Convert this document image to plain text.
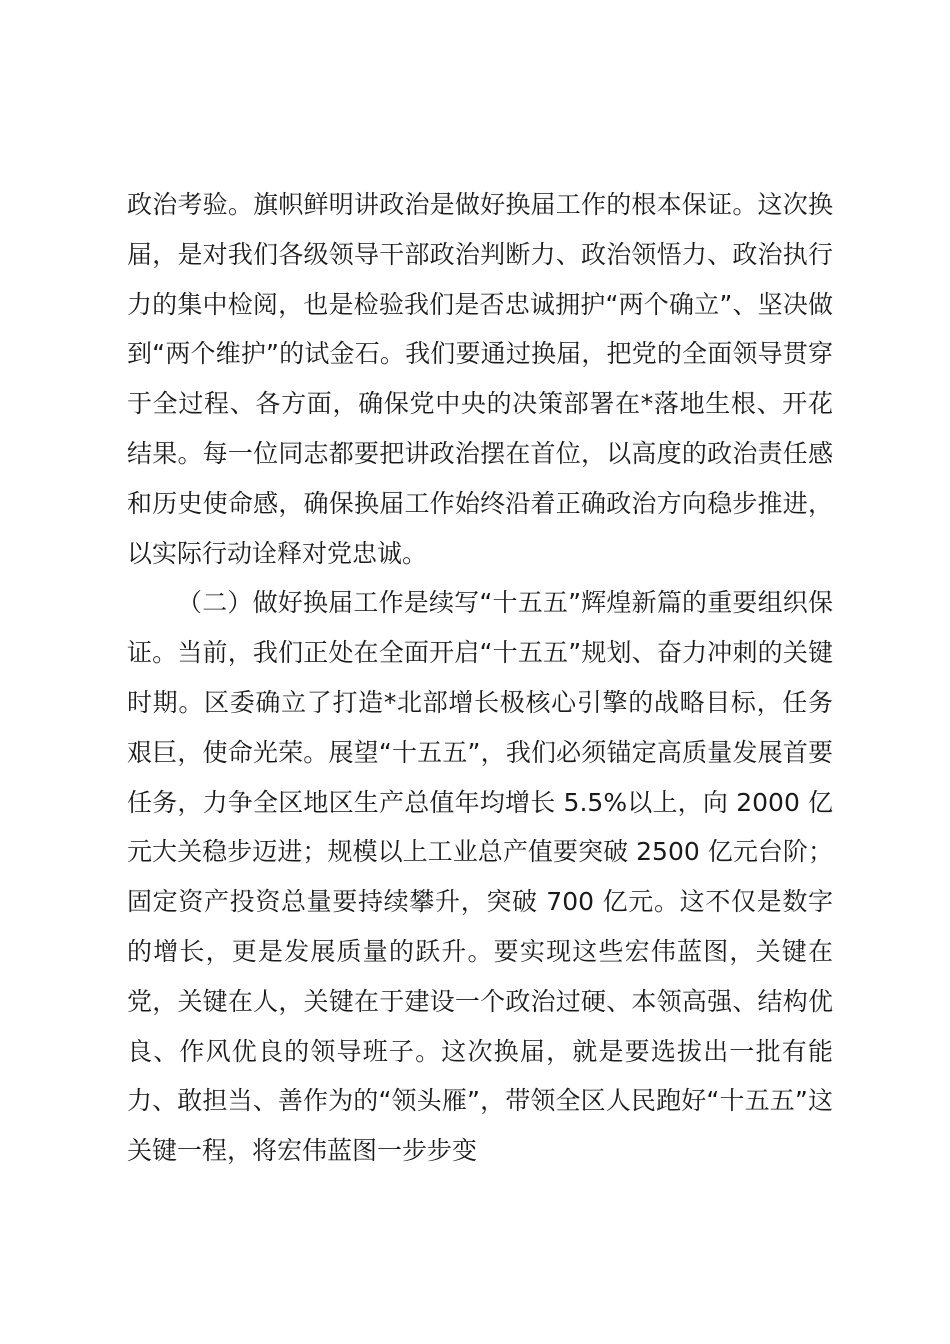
政治考验。旗帜鲜明讲政治是做好换届工作的根本保证。这次换届，是对我们各级领导干部政治判断力、政治领悟力、政治执行力的集中检阅，也是检验我们是否忠诚拥护“两个确立”、坚决做到“两个维护”的试金石。我们要通过换届，把党的全面领导贯穿于全过程、各方面，确保党中央的决策部署在*落地生根、开花结果。每一位同志都要把讲政治摆在首位，以高度的政治责任感和历史使命感，确保换届工作始终沿着正确政治方向稳步推进，以实际行动诠释对党忠诚。

（二）做好换届工作是续写“十五五”辉煌新篇的重要组织保证。当前，我们正处在全面开启“十五五”规划、奋力冲刺的关键时期。区委确立了打造*北部增长极核心引擎的战略目标，任务艰巨，使命光荣。展望“十五五”，我们必须锚定高质量发展首要任务，力争全区地区生产总值年均增长 5.5%以上，向 2000 亿元大关稳步迈进；规模以上工业总产值要突破 2500 亿元台阶；固定资产投资总量要持续攀升，突破 700 亿元。这不仅是数字的增长，更是发展质量的跃升。要实现这些宏伟蓝图，关键在党，关键在人，关键在于建设一个政治过硬、本领高强、结构优良、作风优良的领导班子。这次换届，就是要选拔出一批有能力、敢担当、善作为的“领头雁”，带领全区人民跑好“十五五”这关键一程，将宏伟蓝图一步步变
